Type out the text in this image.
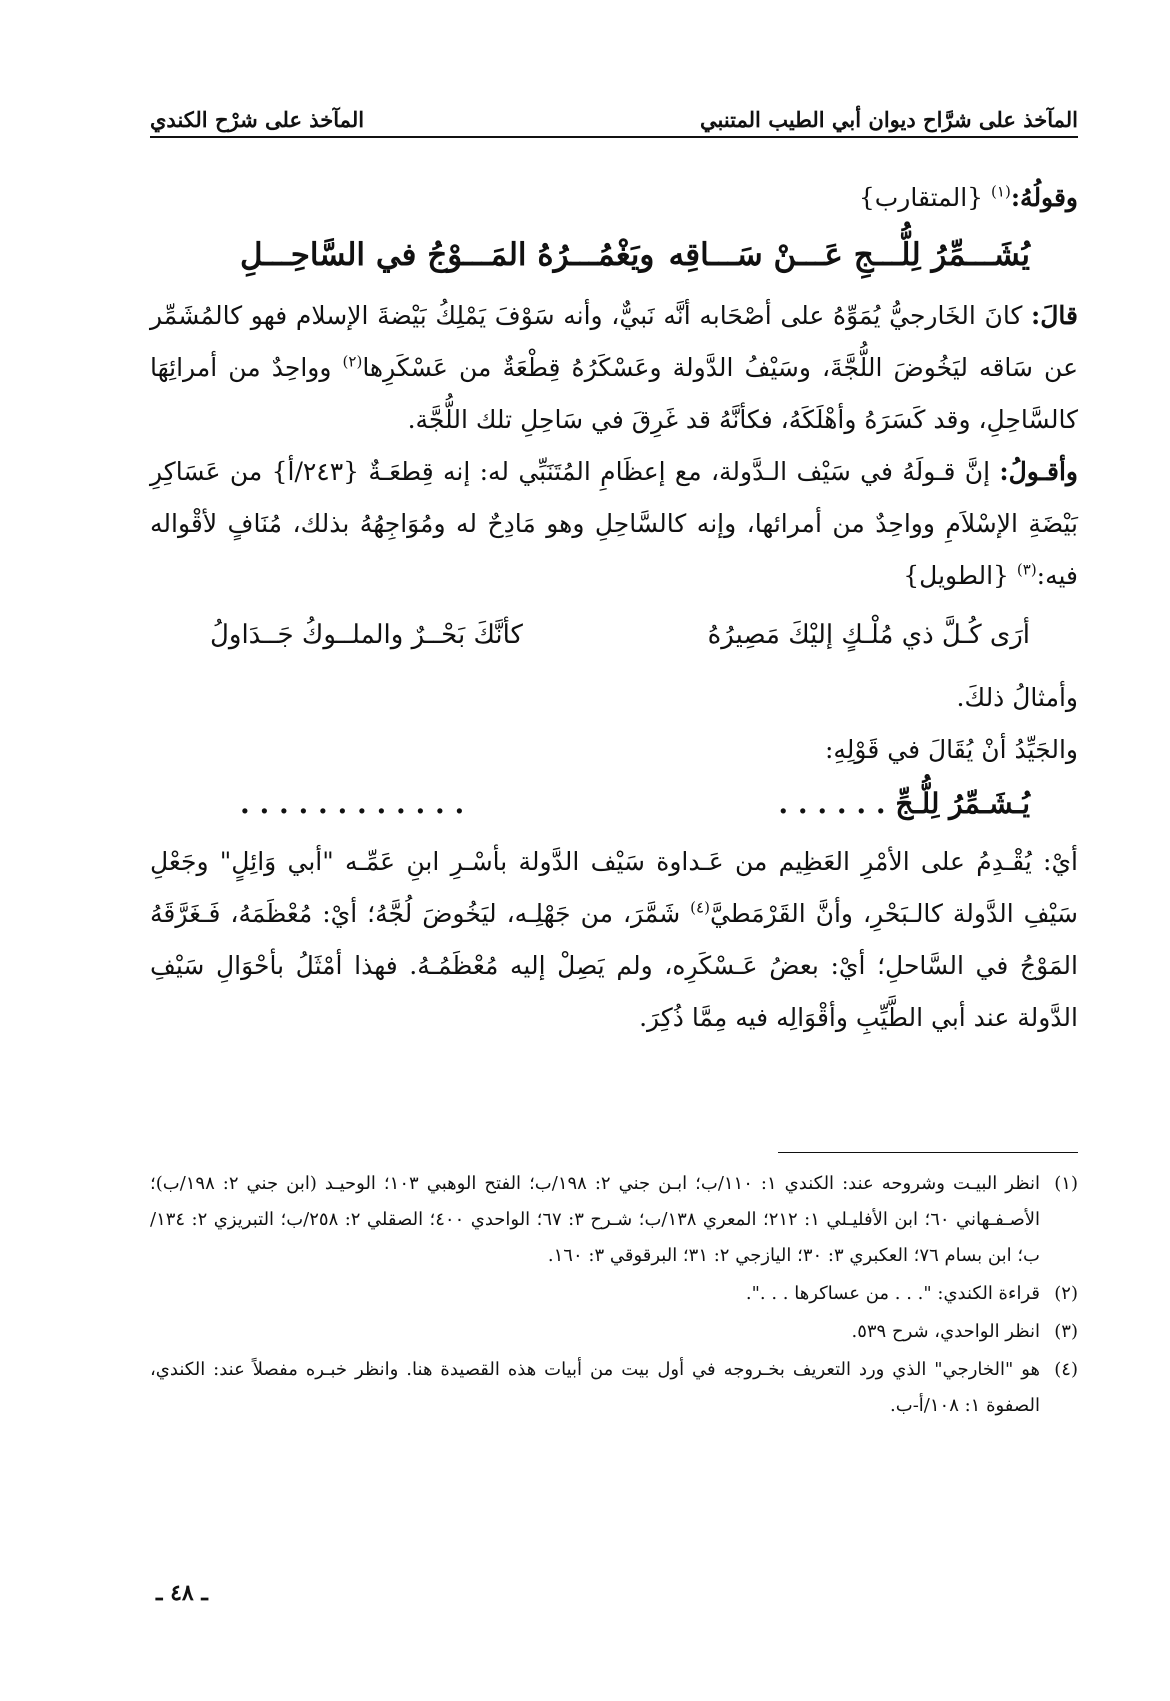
المآخذ على شرَّاح ديوان أبي الطيب المتنبي
المآخذ على شرْح الكندي

وقولُهُ:$^{(١)}$ {المتقارب}

يُشَـــمِّرُ لِلُّـــجِ عَـــنْ سَـــاقِه
ويَغْمُـــرُهُ المَـــوْجُ في السَّاحِـــلِ

قالَ: كانَ الخَارجيُّ يُمَوِّهُ على أصْحَابه أنَّه نَبيٌّ، وأنه سَوْفَ يَمْلِكُ بَيْضةَ الإسلام فهو كالمُشَمِّر عن سَاقه ليَخُوضَ اللُّجَّةَ، وسَيْفُ الدَّولة وعَسْكَرُهُ قِطْعَةٌ من عَسْكَرِها$^{(٢)}$ وواحِدٌ من أمرائِهَا كالسَّاحِلِ، وقد كَسَرَهُ وأهْلَكَهُ، فكأنَّهُ قد غَرِقَ في سَاحِلِ تلك اللُّجَّة.

وأقـولُ: إنَّ قـولَهُ في سَيْف الـدَّولة، مع إعظَامِ المُتَنَبِّي له: إنه قِطعَـةٌ {٢٤٣/أ} من عَسَاكِرِ بَيْضَةِ الإسْلاَمِ وواحِدٌ من أمرائها، وإنه كالسَّاحِلِ وهو مَادِحٌ له ومُوَاجِهُهُ بذلك، مُنَافٍ لأقْواله فيه:$^{(٣)}$ {الطويل}

أرَى كُـلَّ ذي مُلْـكٍ إليْكَ مَصِيرُهُ
كأنَّكَ بَحْــرٌ والملــوكُ جَــدَاولُ

وأمثالُ ذلكَ.

والجَيِّدُ أنْ يُقَالَ في قَوْلِهِ:

يُـشَـمِّرُ لِلُّـجِّ . . . . . .
. . . . . . . . . . . .

أيْ: يُقْـدِمُ على الأمْرِ العَظِيم من عَـداوة سَيْف الدَّولة بأسْـرِ ابنِ عَمِّـه "أبي وَائِلٍ" وجَعْلِ سَيْفِ الدَّولة كالـبَحْرِ، وأنَّ القَرْمَطيَّ$^{(٤)}$ شَمَّرَ، من جَهْلِـه، ليَخُوضَ لُجَّهُ؛ أيْ: مُعْظَمَهُ، فَـغَرَّقَهُ المَوْجُ في السَّاحلِ؛ أيْ: بعضُ عَـسْكَرِه، ولم يَصِلْ إليه مُعْظَمُـهُ. فهذا أمْثَلُ بأحْوَالِ سَيْفِ الدَّولة عند أبي الطَّيِّبِ وأقْوَالِه فيه مِمَّا ذُكِرَ.

(١)
انظر البيـت وشروحه عند: الكندي ١: ١١٠/ب؛ ابـن جني ٢: ١٩٨/ب؛ الفتح الوهبي ١٠٣؛ الوحيـد (ابن جني ٢: ١٩٨/ب)؛ الأصـفـهاني ٦٠؛ ابن الأفليـلي ١: ٢١٢؛ المعري ١٣٨/ب؛ شـرح ٣: ٦٧؛ الواحدي ٤٠٠؛ الصقلي ٢: ٢٥٨/ب؛ التبريزي ٢: ١٣٤/ب؛ ابن بسام ٧٦؛ العكبري ٣: ٣٠؛ اليازجي ٢: ٣١؛ البرقوقي ٣: ١٦٠.

(٢)
قراءة الكندي: ". . . من عساكرها . . .".

(٣)
انظر الواحدي، شرح ٥٣٩.

(٤)
هو "الخارجي" الذي ورد التعريف بخـروجه في أول بيت من أبيات هذه القصيدة هنا. وانظر خبـره مفصلاً عند: الكندي، الصفوة ١: ١٠٨/أ-ب.

ـ ٤٨ ـ
